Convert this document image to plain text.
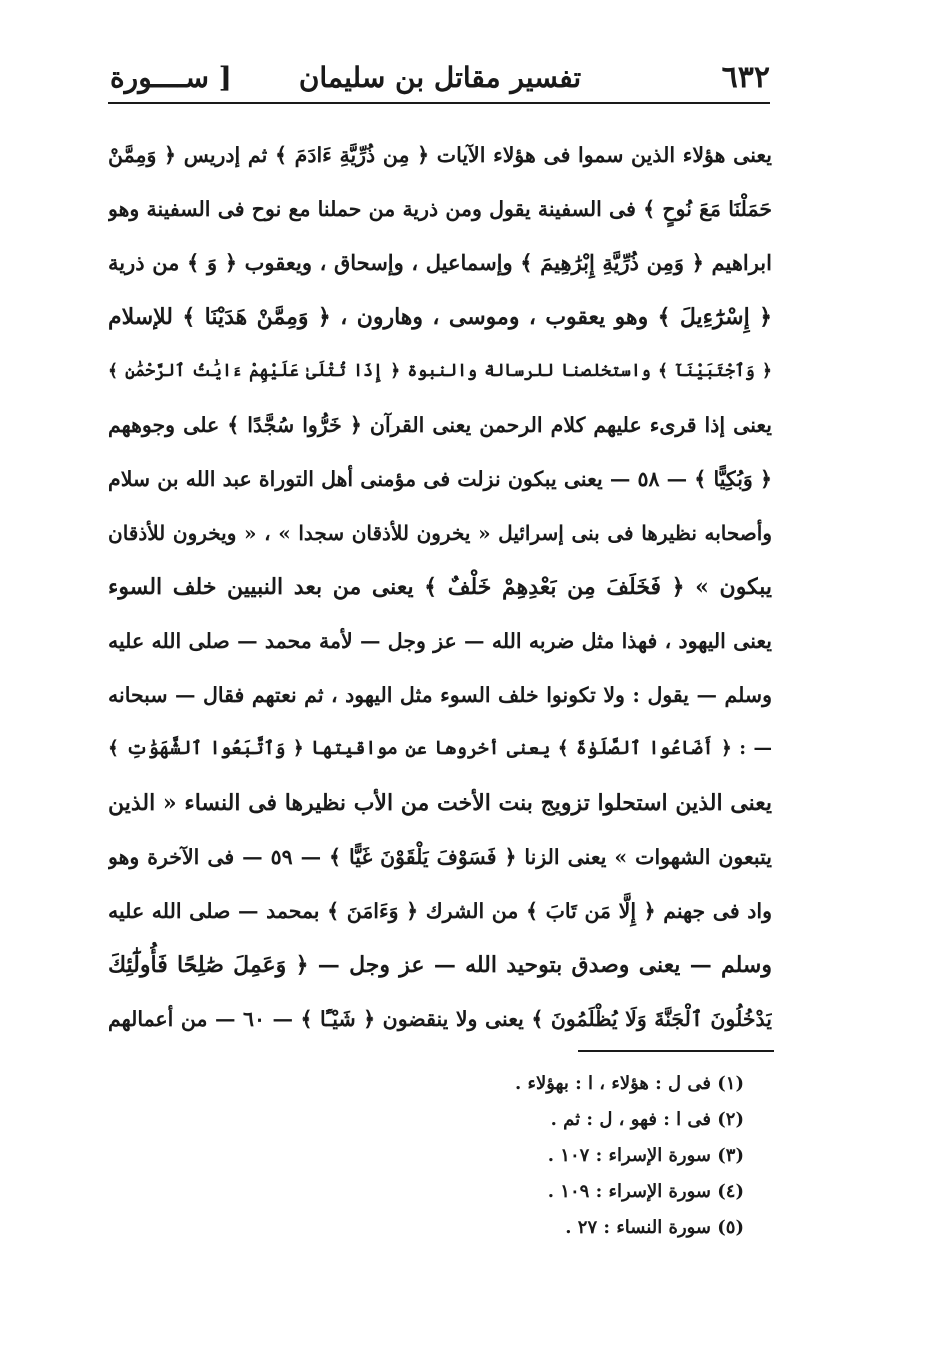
٦٣٢
تفسير مقاتل بن سليمان
[ ســــورة
يعنى هؤلاء الذين سموا فى هؤلاء الآيات ﴿ مِن ذُرِّيَّةِ ءَادَمَ ﴾ ثم إدريس ﴿ وَمِمَّنْ
حَمَلْنَا مَعَ نُوحٍ ﴾ فى السفينة يقول ومن ذرية من حملنا مع نوح فى السفينة وهو
ابراهيم ﴿ وَمِن ذُرِّيَّةِ إِبْرَٰهِيمَ ﴾ وإسماعيل ، وإسحاق ، ويعقوب ﴿ وَ ﴾ من ذرية
﴿ إِسْرَٰٓءِيلَ ﴾ وهو يعقوب ، وموسى ، وهارون ، ﴿ وَمِمَّنْ هَدَيْنَا ﴾ للإسلام
﴿ وَٱجْتَبَيْنَآ ﴾ واستخلصنا للرسالة والنبوة ﴿ إِذَا تُتْلَىٰ عَلَيْهِمْ ءَايَٰتُ ٱلرَّحْمَٰنِ ﴾
يعنى إذا قرىء عليهم كلام الرحمن يعنى القرآن ﴿ خَرُّوا سُجَّدًا ﴾ على وجوههم
﴿ وَبُكِيًّا ﴾ — ٥٨ — يعنى يبكون نزلت فى مؤمنى أهل التوراة عبد الله بن سلام
وأصحابه نظيرها فى بنى إسرائيل « يخرون للأذقان سجدا » ، « ويخرون للأذقان
يبكون » ﴿ فَخَلَفَ مِن بَعْدِهِمْ خَلْفٌ ﴾ يعنى من بعد النبيين خلف السوء
يعنى اليهود ، فهذا مثل ضربه الله — عز وجل — لأمة محمد — صلى الله عليه
وسلم — يقول : ولا تكونوا خلف السوء مثل اليهود ، ثم نعتهم فقال — سبحانه
— : ﴿ أَضَاعُوا ٱلصَّلَوٰةَ ﴾ يعنى أخروها عن مواقيتها ﴿ وَٱتَّبَعُوا ٱلشَّهَوَٰتِ ﴾
يعنى الذين استحلوا تزويج بنت الأخت من الأب نظيرها فى النساء « الذين
يتبعون الشهوات » يعنى الزنا ﴿ فَسَوْفَ يَلْقَوْنَ غَيًّا ﴾ — ٥٩ — فى الآخرة وهو
واد فى جهنم ﴿ إِلَّا مَن تَابَ ﴾ من الشرك ﴿ وَءَامَنَ ﴾ بمحمد — صلى الله عليه
وسلم — يعنى وصدق بتوحيد الله — عز وجل — ﴿ وَعَمِلَ صَٰلِحًا فَأُولَٰٓئِكَ
يَدْخُلُونَ ٱلْجَنَّةَ وَلَا يُظْلَمُونَ ﴾ يعنى ولا ينقضون ﴿ شَيْـًٔا ﴾ — ٦٠ — من أعمالهم
(١) فى ل : هؤلاء ، ا : بهؤلاء .
(٢) فى ا : فهو ، ل : ثم .
(٣) سورة الإسراء : ١٠٧ .
(٤) سورة الإسراء : ١٠٩ .
(٥) سورة النساء : ٢٧ .
